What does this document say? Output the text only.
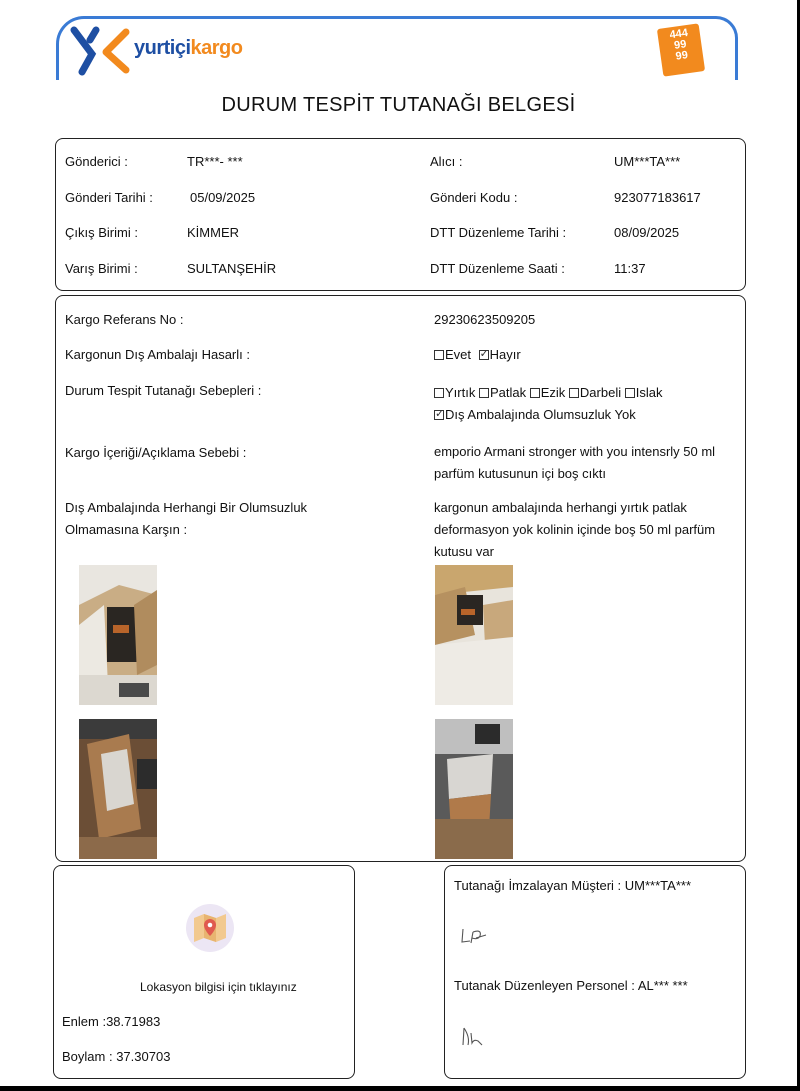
yurtiçikargo
444
99
99
DURUM TESPİT TUTANAĞI BELGESİ
Gönderici :	TR***- ***	Alıcı :	UM***TA***
Gönderi Tarihi :	05/09/2025	Gönderi Kodu :	923077183617
Çıkış Birimi :	KİMMER	DTT Düzenleme Tarihi :	08/09/2025
Varış Birimi :	SULTANŞEHİR	DTT Düzenleme Saati :	11:37
Kargo Referans No :	29230623509205
Kargonun Dış Ambalajı Hasarlı :	Evet ✓ Hayır
Durum Tespit Tutanağı Sebepleri :	Yırtık Patlak Ezik Darbeli Islak
✓Dış Ambalajında Olumsuzluk Yok
Kargo İçeriği/Açıklama Sebebi :	emporio Armani stronger with you intensrly 50 ml parfüm kutusunun içi boş cıktı
Dış Ambalajında Herhangi Bir Olumsuzluk Olmamasına Karşın :
kargonun ambalajında herhangi yırtık patlak deformasyon yok kolinin içinde boş 50 ml parfüm kutusu var
Lokasyon bilgisi için tıklayınız
Enlem :38.71983
Boylam : 37.30703
Tutanağı İmzalayan Müşteri : UM***TA***
Tutanak Düzenleyen Personel : AL*** ***
